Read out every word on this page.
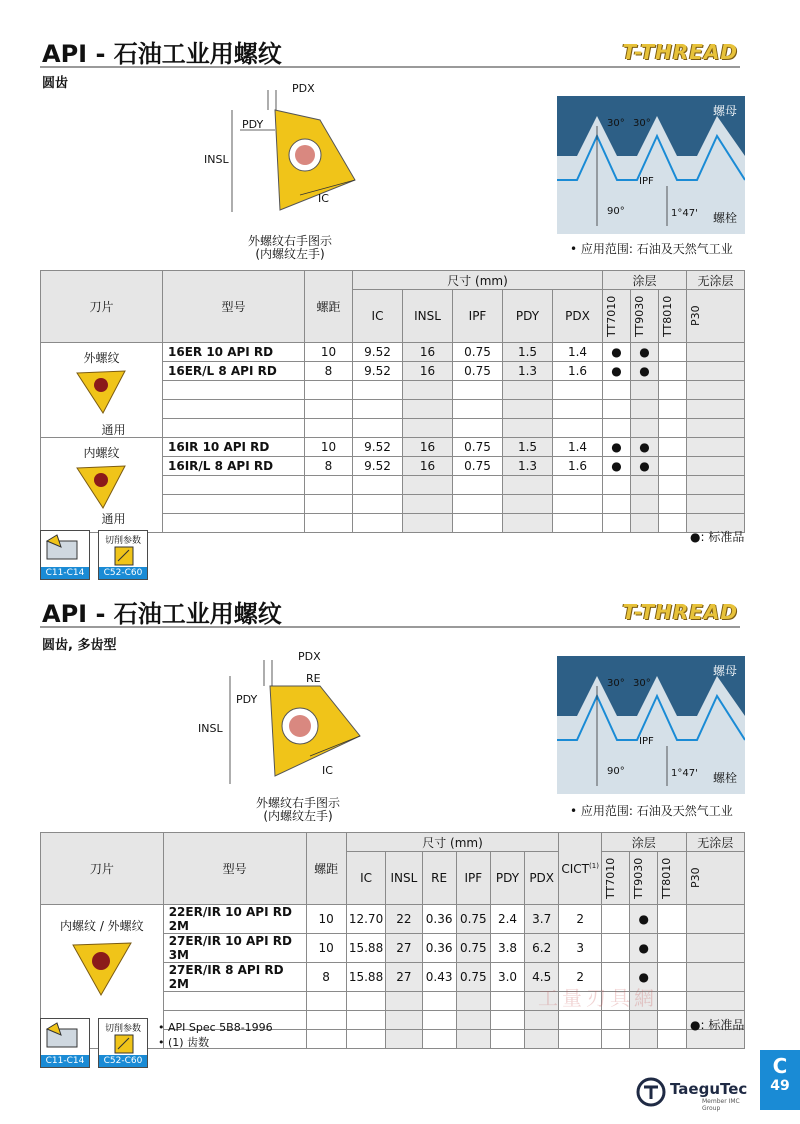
API - 石油工业用螺纹	T-THREAD
圆齿	PDX
PDY
INSL
IC
外螺纹右手图示
(内螺纹左手)
螺母
螺栓
30° 30°
IPF
90°	1°47'
• 应用范围: 石油及天然气工业
刀片	型号	螺距	尺寸 (mm)					涂层			无涂层
			IC	INSL	IPF	PDY	PDX	TT7010	TT9030	TT8010	P30

外螺纹
通用	16ER 10 API RD	10	9.52	16	0.75	1.5	1.4	●	●		
	16ER/L 8 API RD	8	9.52	16	0.75	1.3	1.6	●	●		

内螺纹
通用	16IR 10 API RD	10	9.52	16	0.75	1.5	1.4	●	●		
	16IR/L 8 API RD	8	9.52	16	0.75	1.3	1.6	●	●		

C11-C14
切削参数
C52-C60
●: 标准品
API - 石油工业用螺纹	T-THREAD
圆齿, 多齿型
PDX
RE
PDY
INSL
IC
外螺纹右手图示
(内螺纹左手)
螺母
螺栓
30° 30°
IPF
90°	1°47'
• 应用范围: 石油及天然气工业
刀片	型号	螺距	尺寸 (mm)						CICT$^{(1)}$	涂层			无涂层
			IC	INSL	RE	IPF	PDY	PDX		TT7010	TT9030	TT8010	P30

内螺纹 / 外螺纹	22ER/IR 10 API RD 2M	10	12.70	22	0.36	0.75	2.4	3.7	2		●		
	27ER/IR 10 API RD 3M	10	15.88	27	0.36	0.75	3.8	6.2	3		●		
	27ER/IR 8 API RD 2M	8	15.88	27	0.43	0.75	3.0	4.5	2		●		

C11-C14
切削参数
C52-C60
• API Spec 5B8-1996
• (1) 齿数
●: 标准品
工量刃具網
TaeguTec
Member IMC Group
C
49
